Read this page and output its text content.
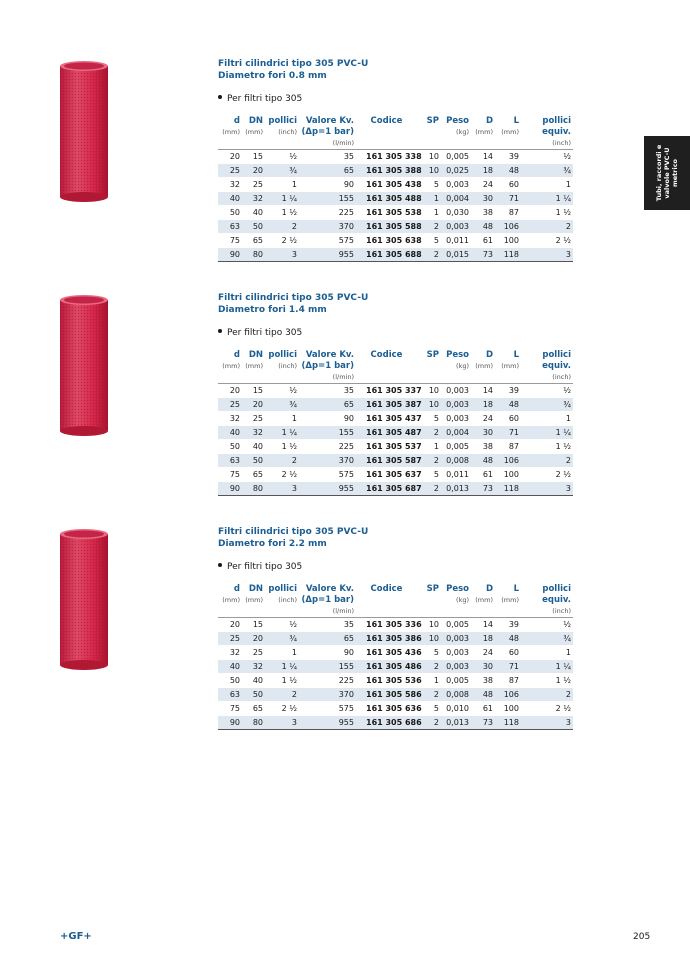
Tubi, raccordi e valvole PVC-U metrico
Filtri cilindrici tipo 305 PVC-U
Diametro fori 0.8 mm
Per filtri tipo 305
d	DN	pollici	Valore Kv.	Codice	SP	Peso	D	L	pollici
(mm)	(mm)	(inch)	(Δp=1 bar)			(kg)	(mm)	(mm)	equiv.
			(l/min)						(inch)
20	15	½	35	161 305 338	10	0,005	14	39	½
25	20	¾	65	161 305 388	10	0,025	18	48	¾
32	25	1	90	161 305 438	5	0,003	24	60	1
40	32	1 ¼	155	161 305 488	1	0,004	30	71	1 ¼
50	40	1 ½	225	161 305 538	1	0,030	38	87	1 ½
63	50	2	370	161 305 588	2	0,003	48	106	2
75	65	2 ½	575	161 305 638	5	0,011	61	100	2 ½
90	80	3	955	161 305 688	2	0,015	73	118	3
Filtri cilindrici tipo 305 PVC-U
Diametro fori 1.4 mm
Per filtri tipo 305
d	DN	pollici	Valore Kv.	Codice	SP	Peso	D	L	pollici
(mm)	(mm)	(inch)	(Δp=1 bar)			(kg)	(mm)	(mm)	equiv.
			(l/min)						(inch)
20	15	½	35	161 305 337	10	0,003	14	39	½
25	20	¾	65	161 305 387	10	0,003	18	48	¾
32	25	1	90	161 305 437	5	0,003	24	60	1
40	32	1 ¼	155	161 305 487	2	0,004	30	71	1 ¼
50	40	1 ½	225	161 305 537	1	0,005	38	87	1 ½
63	50	2	370	161 305 587	2	0,008	48	106	2
75	65	2 ½	575	161 305 637	5	0,011	61	100	2 ½
90	80	3	955	161 305 687	2	0,013	73	118	3
Filtri cilindrici tipo 305 PVC-U
Diametro fori 2.2 mm
Per filtri tipo 305
d	DN	pollici	Valore Kv.	Codice	SP	Peso	D	L	pollici
(mm)	(mm)	(inch)	(Δp=1 bar)			(kg)	(mm)	(mm)	equiv.
			(l/min)						(inch)
20	15	½	35	161 305 336	10	0,005	14	39	½
25	20	¾	65	161 305 386	10	0,003	18	48	¾
32	25	1	90	161 305 436	5	0,003	24	60	1
40	32	1 ¼	155	161 305 486	2	0,003	30	71	1 ¼
50	40	1 ½	225	161 305 536	1	0,005	38	87	1 ½
63	50	2	370	161 305 586	2	0,008	48	106	2
75	65	2 ½	575	161 305 636	5	0,010	61	100	2 ½
90	80	3	955	161 305 686	2	0,013	73	118	3
+GF+	205
